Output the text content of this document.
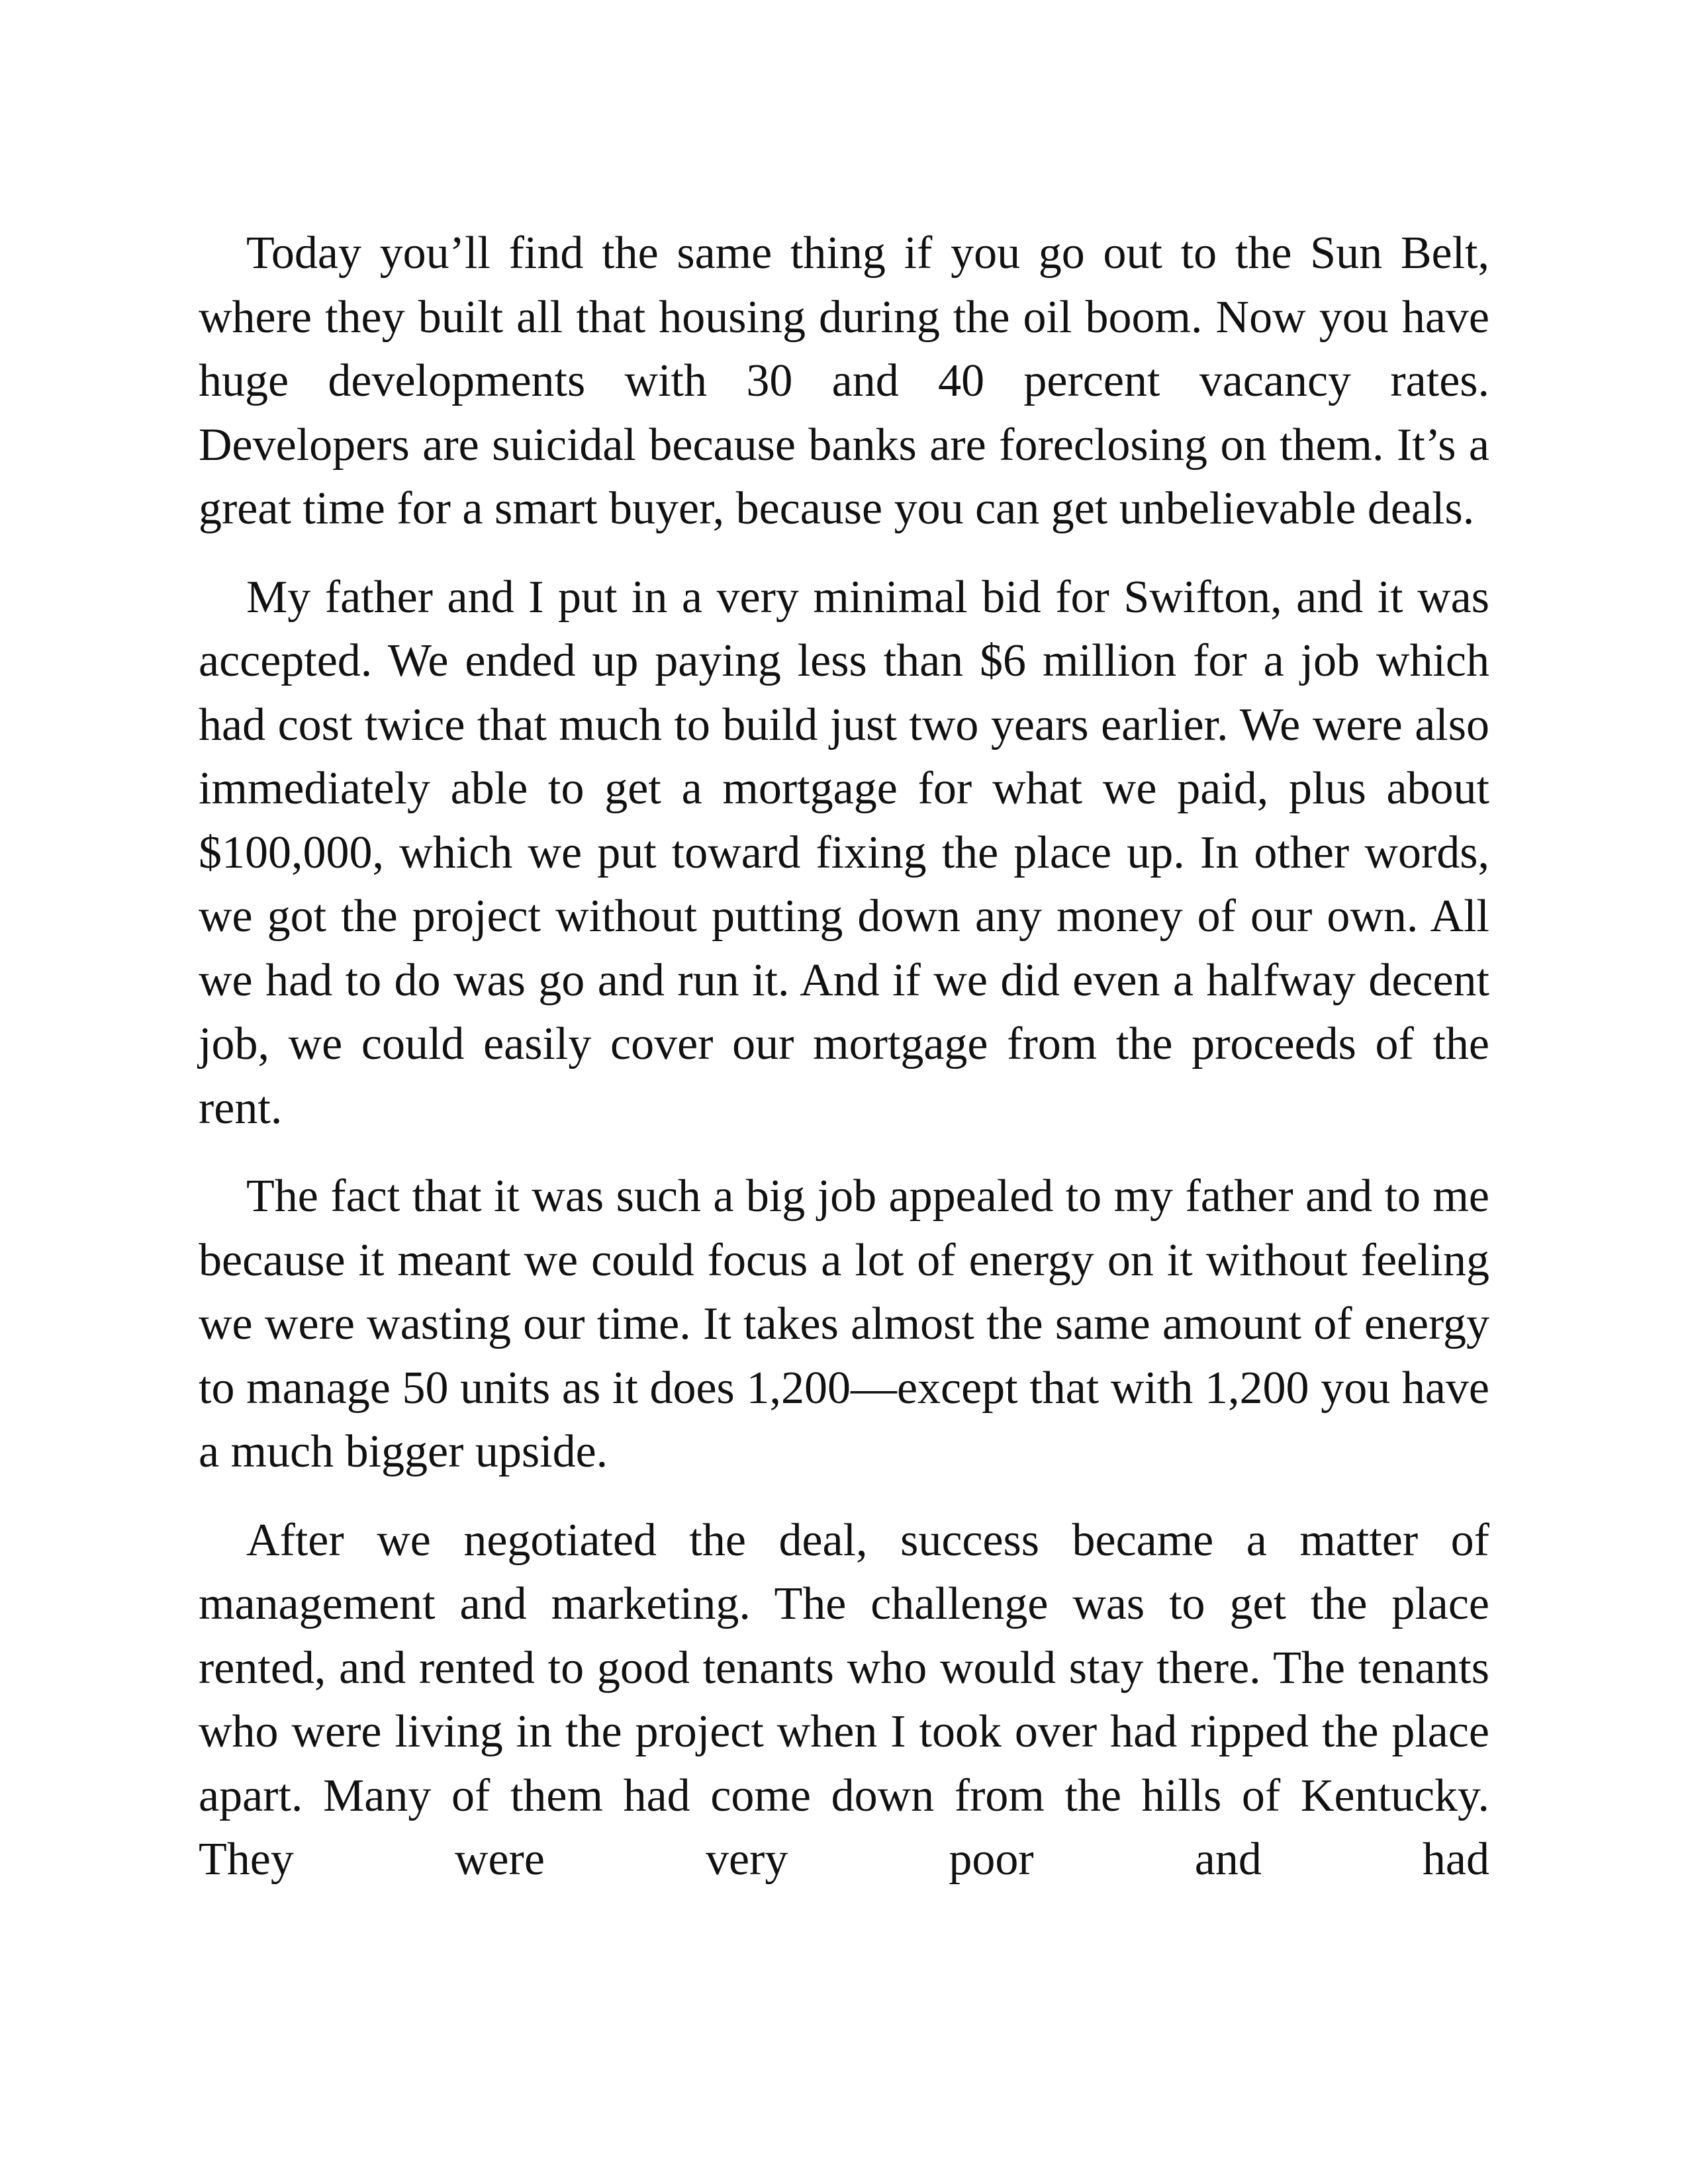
Today you’ll find the same thing if you go out to the Sun Belt, where they built all that housing during the oil boom. Now you have huge developments with 30 and 40 percent vacancy rates. Developers are suicidal because banks are foreclosing on them. It’s a great time for a smart buyer, because you can get unbelievable deals.

My father and I put in a very minimal bid for Swifton, and it was accepted. We ended up paying less than $6 million for a job which had cost twice that much to build just two years earlier. We were also immediately able to get a mortgage for what we paid, plus about $100,000, which we put toward fixing the place up. In other words, we got the project without putting down any money of our own. All we had to do was go and run it. And if we did even a halfway decent job, we could easily cover our mortgage from the proceeds of the rent.

The fact that it was such a big job appealed to my father and to me because it meant we could focus a lot of energy on it without feeling we were wasting our time. It takes almost the same amount of energy to manage 50 units as it does 1,200—except that with 1,200 you have a much bigger upside.

After we negotiated the deal, success became a matter of management and marketing. The challenge was to get the place rented, and rented to good tenants who would stay there. The tenants who were living in the project when I took over had ripped the place apart. Many of them had come down from the hills of Kentucky. They were very poor and had
